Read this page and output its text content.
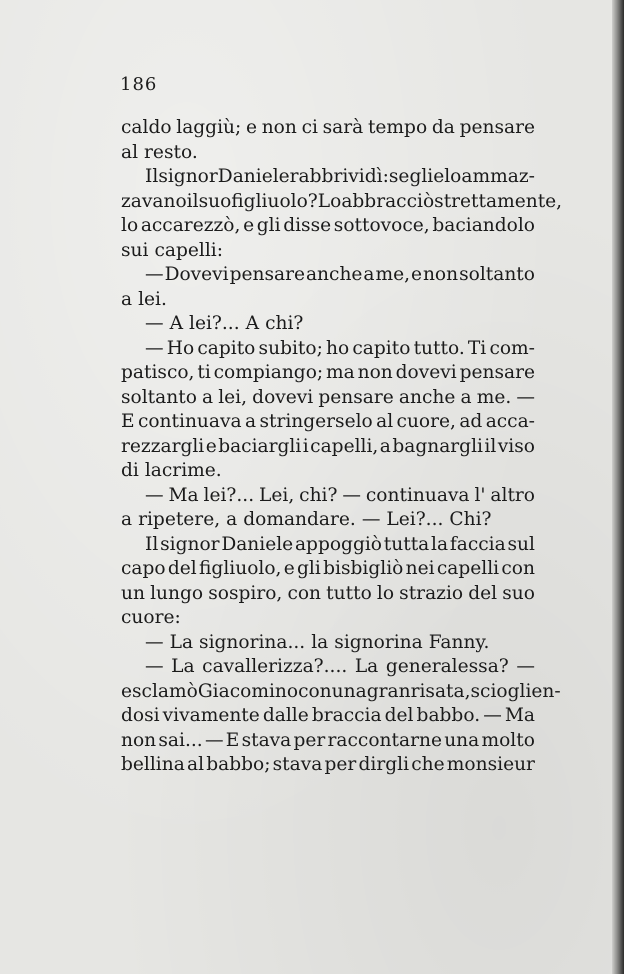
186
caldo laggiù; e non ci sarà tempo da pensare
al resto.
Il signor Daniele rabbrividì: se glielo ammaz-
zavano il suo figliuolo? Lo abbracciò strettamente,
lo accarezzò, e gli disse sottovoce, baciandolo
sui capelli:
— Dovevi pensare anche a me, e non soltanto
a lei.
— A lei?... A chi?
— Ho capito subito; ho capito tutto. Ti com-
patisco, ti compiango; ma non dovevi pensare
soltanto a lei, dovevi pensare anche a me. —
E continuava a stringerselo al cuore, ad acca-
rezzargli e baciargli i capelli, a bagnargli il viso
di lacrime.
— Ma lei?... Lei, chi? — continuava l' altro
a ripetere, a domandare. — Lei?... Chi?
Il signor Daniele appoggiò tutta la faccia sul
capo del figliuolo, e gli bisbigliò nei capelli con
un lungo sospiro, con tutto lo strazio del suo
cuore:
— La signorina... la signorina Fanny.
— La cavallerizza?.... La generalessa? —
esclamò Giacomino con una gran risata, scioglien-
dosi vivamente dalle braccia del babbo. — Ma
non sai... — E stava per raccontarne una molto
bellina al babbo; stava per dirgli che monsieur
